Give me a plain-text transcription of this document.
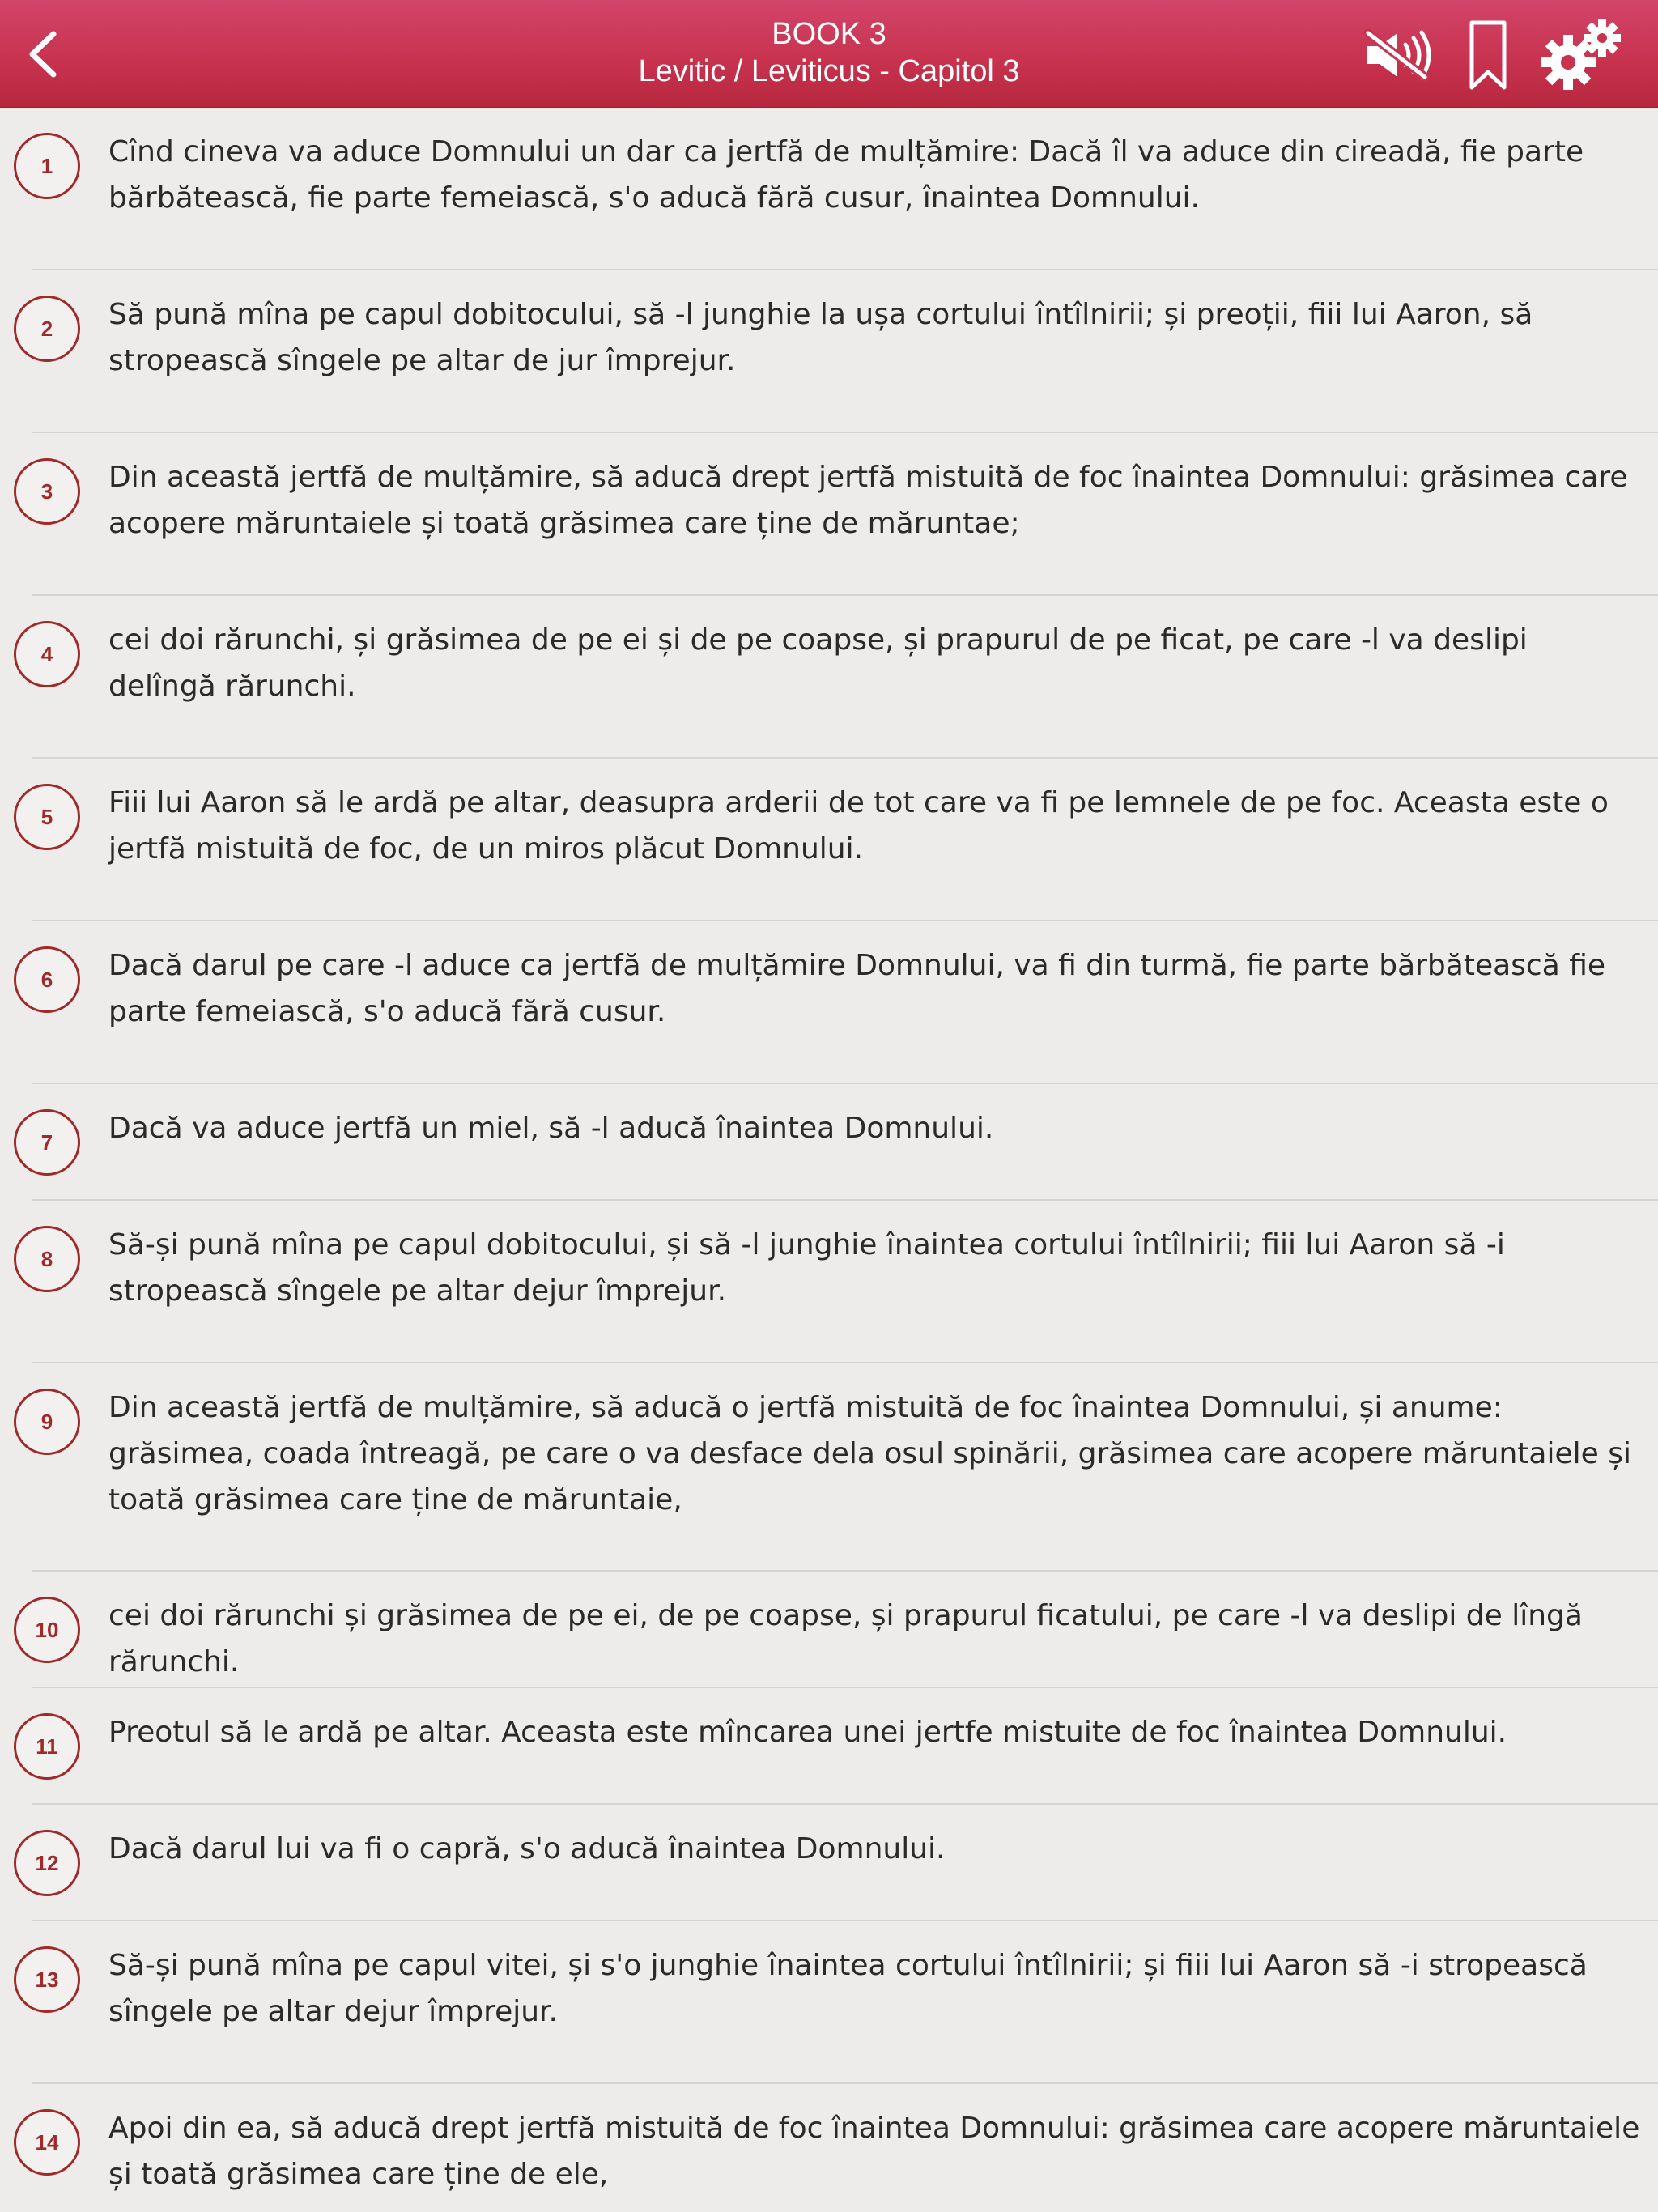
BOOK 3
Levitic / Leviticus - Capitol 3
1	Cînd cineva va aduce Domnului un dar ca jertfă de mulțămire: Dacă îl va aduce din cireadă, fie parte bărbătească, fie parte femeiască, s'o aducă fără cusur, înaintea Domnului.
2	Să pună mîna pe capul dobitocului, să -l junghie la ușa cortului întîlnirii; și preoții, fiii lui Aaron, să stropească sîngele pe altar de jur împrejur.
3	Din această jertfă de mulțămire, să aducă drept jertfă mistuită de foc înaintea Domnului: grăsimea care acopere măruntaiele și toată grăsimea care ține de măruntae;
4	cei doi rărunchi, și grăsimea de pe ei și de pe coapse, și prapurul de pe ficat, pe care -l va deslipi delîngă rărunchi.
5	Fiii lui Aaron să le ardă pe altar, deasupra arderii de tot care va fi pe lemnele de pe foc. Aceasta este o jertfă mistuită de foc, de un miros plăcut Domnului.
6	Dacă darul pe care -l aduce ca jertfă de mulțămire Domnului, va fi din turmă, fie parte bărbătească fie parte femeiască, s'o aducă fără cusur.
7	Dacă va aduce jertfă un miel, să -l aducă înaintea Domnului.
8	Să-și pună mîna pe capul dobitocului, și să -l junghie înaintea cortului întîlnirii; fiii lui Aaron să -i stropească sîngele pe altar dejur împrejur.
9	Din această jertfă de mulțămire, să aducă o jertfă mistuită de foc înaintea Domnului, și anume: grăsimea, coada întreagă, pe care o va desface dela osul spinării, grăsimea care acopere măruntaiele și toată grăsimea care ține de măruntaie,
10	cei doi rărunchi și grăsimea de pe ei, de pe coapse, și prapurul ficatului, pe care -l va deslipi de lîngă rărunchi.
11	Preotul să le ardă pe altar. Aceasta este mîncarea unei jertfe mistuite de foc înaintea Domnului.
12	Dacă darul lui va fi o capră, s'o aducă înaintea Domnului.
13	Să-și pună mîna pe capul vitei, și s'o junghie înaintea cortului întîlnirii; și fiii lui Aaron să -i stropească sîngele pe altar dejur împrejur.
14	Apoi din ea, să aducă drept jertfă mistuită de foc înaintea Domnului: grăsimea care acopere măruntaiele și toată grăsimea care ține de ele,
